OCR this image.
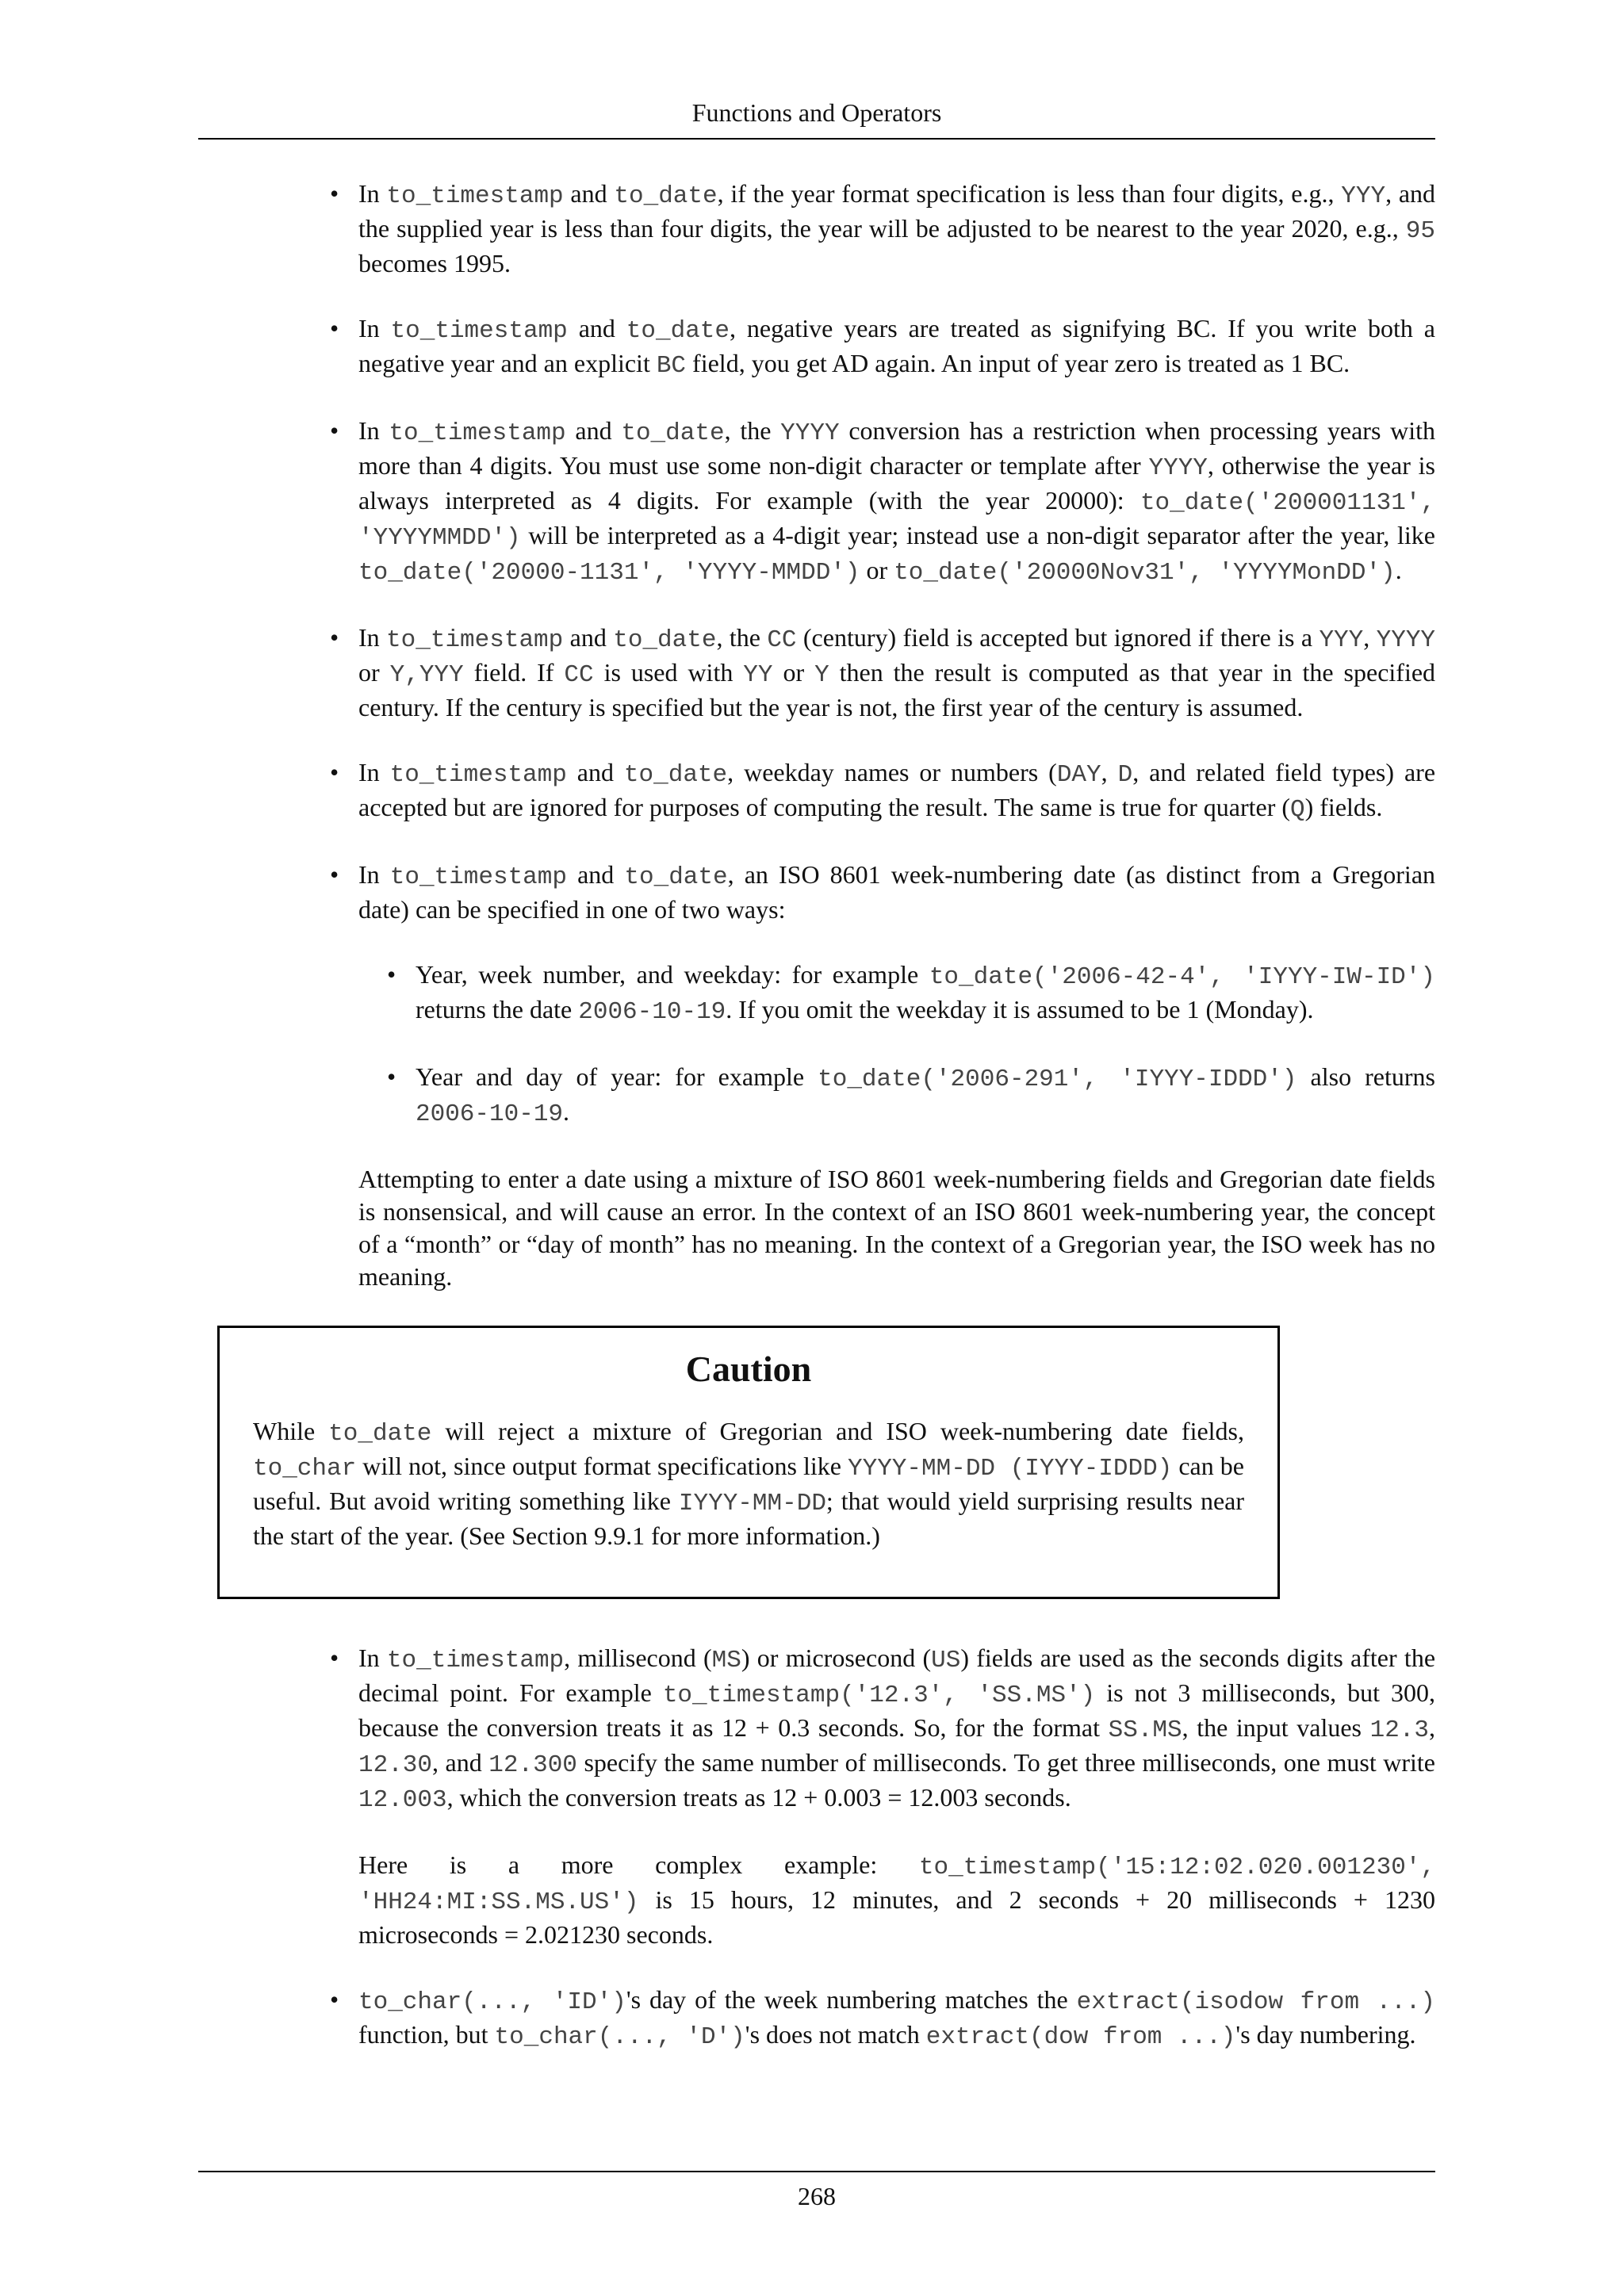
Functions and Operators
• In to_timestamp and to_date, if the year format specification is less than four digits, e.g., YYY, and the supplied year is less than four digits, the year will be adjusted to be nearest to the year 2020, e.g., 95 becomes 1995.
• In to_timestamp and to_date, negative years are treated as signifying BC. If you write both a negative year and an explicit BC field, you get AD again. An input of year zero is treated as 1 BC.
• In to_timestamp and to_date, the YYYY conversion has a restriction when processing years with more than 4 digits. You must use some non-digit character or template after YYYY, otherwise the year is always interpreted as 4 digits. For example (with the year 20000): to_date('200001131', 'YYYYMMDD') will be interpreted as a 4-digit year; instead use a non-digit separator after the year, like to_date('20000-1131', 'YYYY-MMDD') or to_date('20000Nov31', 'YYYYMonDD').
• In to_timestamp and to_date, the CC (century) field is accepted but ignored if there is a YYY, YYYY or Y,YYY field. If CC is used with YY or Y then the result is computed as that year in the specified century. If the century is specified but the year is not, the first year of the century is assumed.
• In to_timestamp and to_date, weekday names or numbers (DAY, D, and related field types) are accepted but are ignored for purposes of computing the result. The same is true for quarter (Q) fields.
• In to_timestamp and to_date, an ISO 8601 week-numbering date (as distinct from a Gregorian date) can be specified in one of two ways:
• Year, week number, and weekday: for example to_date('2006-42-4', 'IYYY-IW-ID') returns the date 2006-10-19. If you omit the weekday it is assumed to be 1 (Monday).
• Year and day of year: for example to_date('2006-291', 'IYYY-IDDD') also returns 2006-10-19.
Attempting to enter a date using a mixture of ISO 8601 week-numbering fields and Gregorian date fields is nonsensical, and will cause an error. In the context of an ISO 8601 week-numbering year, the concept of a “month” or “day of month” has no meaning. In the context of a Gregorian year, the ISO week has no meaning.
Caution

While to_date will reject a mixture of Gregorian and ISO week-numbering date fields, to_char will not, since output format specifications like YYYY-MM-DD (IYYY-IDDD) can be useful. But avoid writing something like IYYY-MM-DD; that would yield surprising results near the start of the year. (See Section 9.9.1 for more information.)

• In to_timestamp, millisecond (MS) or microsecond (US) fields are used as the seconds digits after the decimal point. For example to_timestamp('12.3', 'SS.MS') is not 3 milliseconds, but 300, because the conversion treats it as 12 + 0.3 seconds. So, for the format SS.MS, the input values 12.3, 12.30, and 12.300 specify the same number of milliseconds. To get three milliseconds, one must write 12.003, which the conversion treats as 12 + 0.003 = 12.003 seconds.
Here is a more complex example: to_timestamp('15:12:02.020.001230', 'HH24:MI:SS.MS.US') is 15 hours, 12 minutes, and 2 seconds + 20 milliseconds + 1230 microseconds = 2.021230 seconds.
• to_char(..., 'ID')'s day of the week numbering matches the extract(isodow from ...) function, but to_char(..., 'D')'s does not match extract(dow from ...)'s day numbering.
268
